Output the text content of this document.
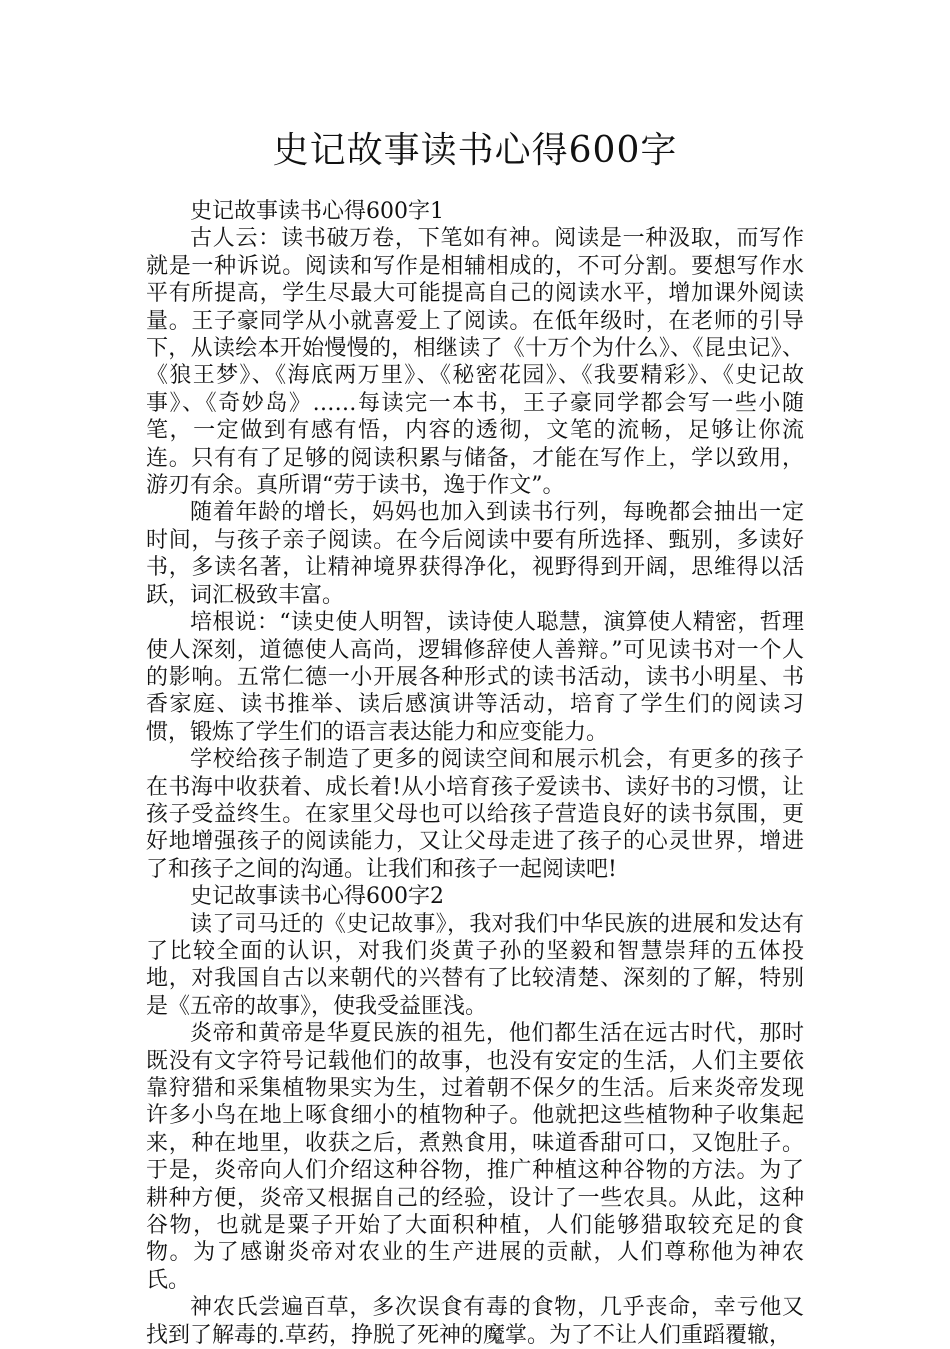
史记故事读书心得600字

史记故事读书心得600字1

古人云：读书破万卷，下笔如有神。阅读是一种汲取，而写作就是一种诉说。阅读和写作是相辅相成的，不可分割。要想写作水平有所提高，学生尽最大可能提高自己的阅读水平，增加课外阅读量。王子豪同学从小就喜爱上了阅读。在低年级时，在老师的引导下，从读绘本开始慢慢的，相继读了《十万个为什么》、《昆虫记》、《狼王梦》、《海底两万里》、《秘密花园》、《我要精彩》、《史记故事》、《奇妙岛》……每读完一本书，王子豪同学都会写一些小随笔，一定做到有感有悟，内容的透彻，文笔的流畅，足够让你流连。只有有了足够的阅读积累与储备，才能在写作上，学以致用，游刃有余。真所谓“劳于读书，逸于作文”。

随着年龄的增长，妈妈也加入到读书行列，每晚都会抽出一定时间，与孩子亲子阅读。在今后阅读中要有所选择、甄别，多读好书，多读名著，让精神境界获得净化，视野得到开阔，思维得以活跃，词汇极致丰富。

培根说：“读史使人明智，读诗使人聪慧，演算使人精密，哲理使人深刻，道德使人高尚，逻辑修辞使人善辩。”可见读书对一个人的影响。五常仁德一小开展各种形式的读书活动，读书小明星、书香家庭、读书推举、读后感演讲等活动，培育了学生们的阅读习惯，锻炼了学生们的语言表达能力和应变能力。

学校给孩子制造了更多的阅读空间和展示机会，有更多的孩子在书海中收获着、成长着!从小培育孩子爱读书、读好书的习惯，让孩子受益终生。在家里父母也可以给孩子营造良好的读书氛围，更好地增强孩子的阅读能力，又让父母走进了孩子的心灵世界，增进了和孩子之间的沟通。让我们和孩子一起阅读吧!

史记故事读书心得600字2

读了司马迁的《史记故事》，我对我们中华民族的进展和发达有了比较全面的认识，对我们炎黄子孙的坚毅和智慧崇拜的五体投地，对我国自古以来朝代的兴替有了比较清楚、深刻的了解，特别是《五帝的故事》，使我受益匪浅。

炎帝和黄帝是华夏民族的祖先，他们都生活在远古时代，那时既没有文字符号记载他们的故事，也没有安定的生活，人们主要依靠狩猎和采集植物果实为生，过着朝不保夕的生活。后来炎帝发现许多小鸟在地上啄食细小的植物种子。他就把这些植物种子收集起来，种在地里，收获之后，煮熟食用，味道香甜可口，又饱肚子。于是，炎帝向人们介绍这种谷物，推广种植这种谷物的方法。为了耕种方便，炎帝又根据自己的经验，设计了一些农具。从此，这种谷物，也就是粟子开始了大面积种植，人们能够猎取较充足的食物。为了感谢炎帝对农业的生产进展的贡献，人们尊称他为神农氏。

神农氏尝遍百草，多次误食有毒的食物，几乎丧命，幸亏他又找到了解毒的.草药，挣脱了死神的魔掌。为了不让人们重蹈覆辙，
